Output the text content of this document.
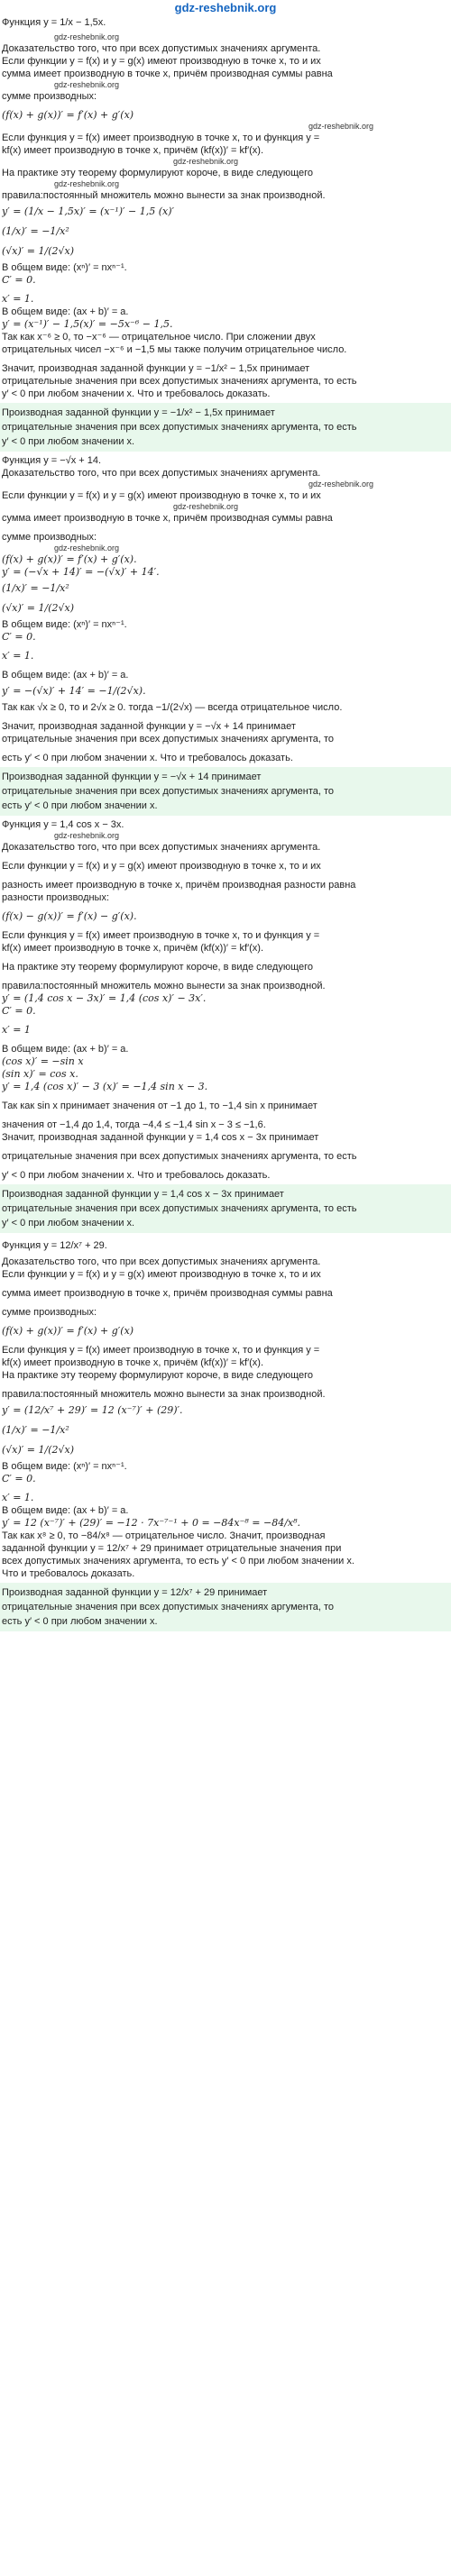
gdz-reshebnik.org
Функция y = 1/x − 1,5x.
gdz-reshebnik.org
Доказательство того, что при всех допустимых значениях аргумента.
Если функции y = f(x) и y = g(x) имеют производную в точке x, то и их
сумма имеет производную в точке x, причём производная суммы равна
gdz-reshebnik.org
сумме производных:
(f(x) + g(x))′ = f′(x) + g′(x)
gdz-reshebnik.org
Если функция y = f(x) имеет производную в точке x, то и функция y =
kf(x) имеет производную в точке x, причём (kf(x))′ = kf′(x).
gdz-reshebnik.org
На практике эту теорему формулируют короче, в виде следующего
gdz-reshebnik.org
правила:постоянный множитель можно вынести за знак производной.
y′ = (1/x − 1,5x)′ = (x⁻¹)′ − 1,5 (x)′
(1/x)′ = −1/x²
(√x)′ = 1/(2√x)
В общем виде: (xⁿ)′ = nxⁿ⁻¹.
C′ = 0.
x′ = 1.
В общем виде: (ax + b)′ = a.
y′ = (x⁻¹)′ − 1,5(x)′ = −5x⁻⁶ − 1,5.
Так как x⁻⁶ ≥ 0, то −x⁻⁶ — отрицательное число. При сложении двух
отрицательных чисел −x⁻⁶ и −1,5 мы также получим отрицательное число.
Значит, производная заданной функции y = −1/x² − 1,5x принимает
отрицательные значения при всех допустимых значениях аргумента, то есть
y′ < 0 при любом значении x. Что и требовалось доказать.
Производная заданной функции y = −1/x² − 1,5x принимает
отрицательные значения при всех допустимых значениях аргумента, то есть
y′ < 0 при любом значении x.
Функция y = −√x + 14.
Доказательство того, что при всех допустимых значениях аргумента.
gdz-reshebnik.org
Если функции y = f(x) и y = g(x) имеют производную в точке x, то и их
gdz-reshebnik.org
сумма имеет производную в точке x, причём производная суммы равна
сумме производных:
gdz-reshebnik.org
(f(x) + g(x))′ = f′(x) + g′(x).
y′ = (−√x + 14)′ = −(√x)′ + 14′.
(1/x)′ = −1/x²
(√x)′ = 1/(2√x)
В общем виде: (xⁿ)′ = nxⁿ⁻¹.
C′ = 0.
x′ = 1.
В общем виде: (ax + b)′ = a.
y′ = −(√x)′ + 14′ = −1/(2√x).
Так как √x ≥ 0, то и 2√x ≥ 0. тогда −1/(2√x) — всегда отрицательное число.
Значит, производная заданной функции y = −√x + 14 принимает
отрицательные значения при всех допустимых значениях аргумента, то
есть y′ < 0 при любом значении x. Что и требовалось доказать.
Производная заданной функции y = −√x + 14 принимает
отрицательные значения при всех допустимых значениях аргумента, то
есть y′ < 0 при любом значении x.
Функция y = 1,4 cos x − 3x.
gdz-reshebnik.org
Доказательство того, что при всех допустимых значениях аргумента.
Если функции y = f(x) и y = g(x) имеют производную в точке x, то и их
разность имеет производную в точке x, причём производная разности равна
разности производных:
(f(x) − g(x))′ = f′(x) − g′(x).
Если функция y = f(x) имеет производную в точке x, то и функция y =
kf(x) имеет производную в точке x, причём (kf(x))′ = kf′(x).
На практике эту теорему формулируют короче, в виде следующего
правила:постоянный множитель можно вынести за знак производной.
y′ = (1,4 cos x − 3x)′ = 1,4 (cos x)′ − 3x′.
C′ = 0.
x′ = 1
В общем виде: (ax + b)′ = a.
(cos x)′ = −sin x
(sin x)′ = cos x.
y′ = 1,4 (cos x)′ − 3 (x)′ = −1,4 sin x − 3.
Так как sin x принимает значения от −1 до 1, то −1,4 sin x принимает
значения от −1,4 до 1,4, тогда −4,4 ≤ −1,4 sin x − 3 ≤ −1,6.
Значит, производная заданной функции y = 1,4 cos x − 3x принимает
отрицательные значения при всех допустимых значениях аргумента, то есть
y′ < 0 при любом значении x. Что и требовалось доказать.
Производная заданной функции y = 1,4 cos x − 3x принимает
отрицательные значения при всех допустимых значениях аргумента, то есть
y′ < 0 при любом значении x.
Функция y = 12/x⁷ + 29.
Доказательство того, что при всех допустимых значениях аргумента.
Если функции y = f(x) и y = g(x) имеют производную в точке x, то и их
сумма имеет производную в точке x, причём производная суммы равна
сумме производных:
(f(x) + g(x))′ = f′(x) + g′(x)
Если функция y = f(x) имеет производную в точке x, то и функция y =
kf(x) имеет производную в точке x, причём (kf(x))′ = kf′(x).
На практике эту теорему формулируют короче, в виде следующего
правила:постоянный множитель можно вынести за знак производной.
y′ = (12/x⁷ + 29)′ = 12 (x⁻⁷)′ + (29)′.
(1/x)′ = −1/x²
(√x)′ = 1/(2√x)
В общем виде: (xⁿ)′ = nxⁿ⁻¹.
C′ = 0.
x′ = 1.
В общем виде: (ax + b)′ = a.
y′ = 12 (x⁻⁷)′ + (29)′ = −12 · 7x⁻⁷⁻¹ + 0 = −84x⁻⁸ = −84/x⁸.
Так как x⁸ ≥ 0, то −84/x⁸ — отрицательное число. Значит, производная
заданной функции y = 12/x⁷ + 29 принимает отрицательные значения при
всех допустимых значениях аргумента, то есть y′ < 0 при любом значении x.
Что и требовалось доказать.
Производная заданной функции y = 12/x⁷ + 29 принимает
отрицательные значения при всех допустимых значениях аргумента, то
есть y′ < 0 при любом значении x.
